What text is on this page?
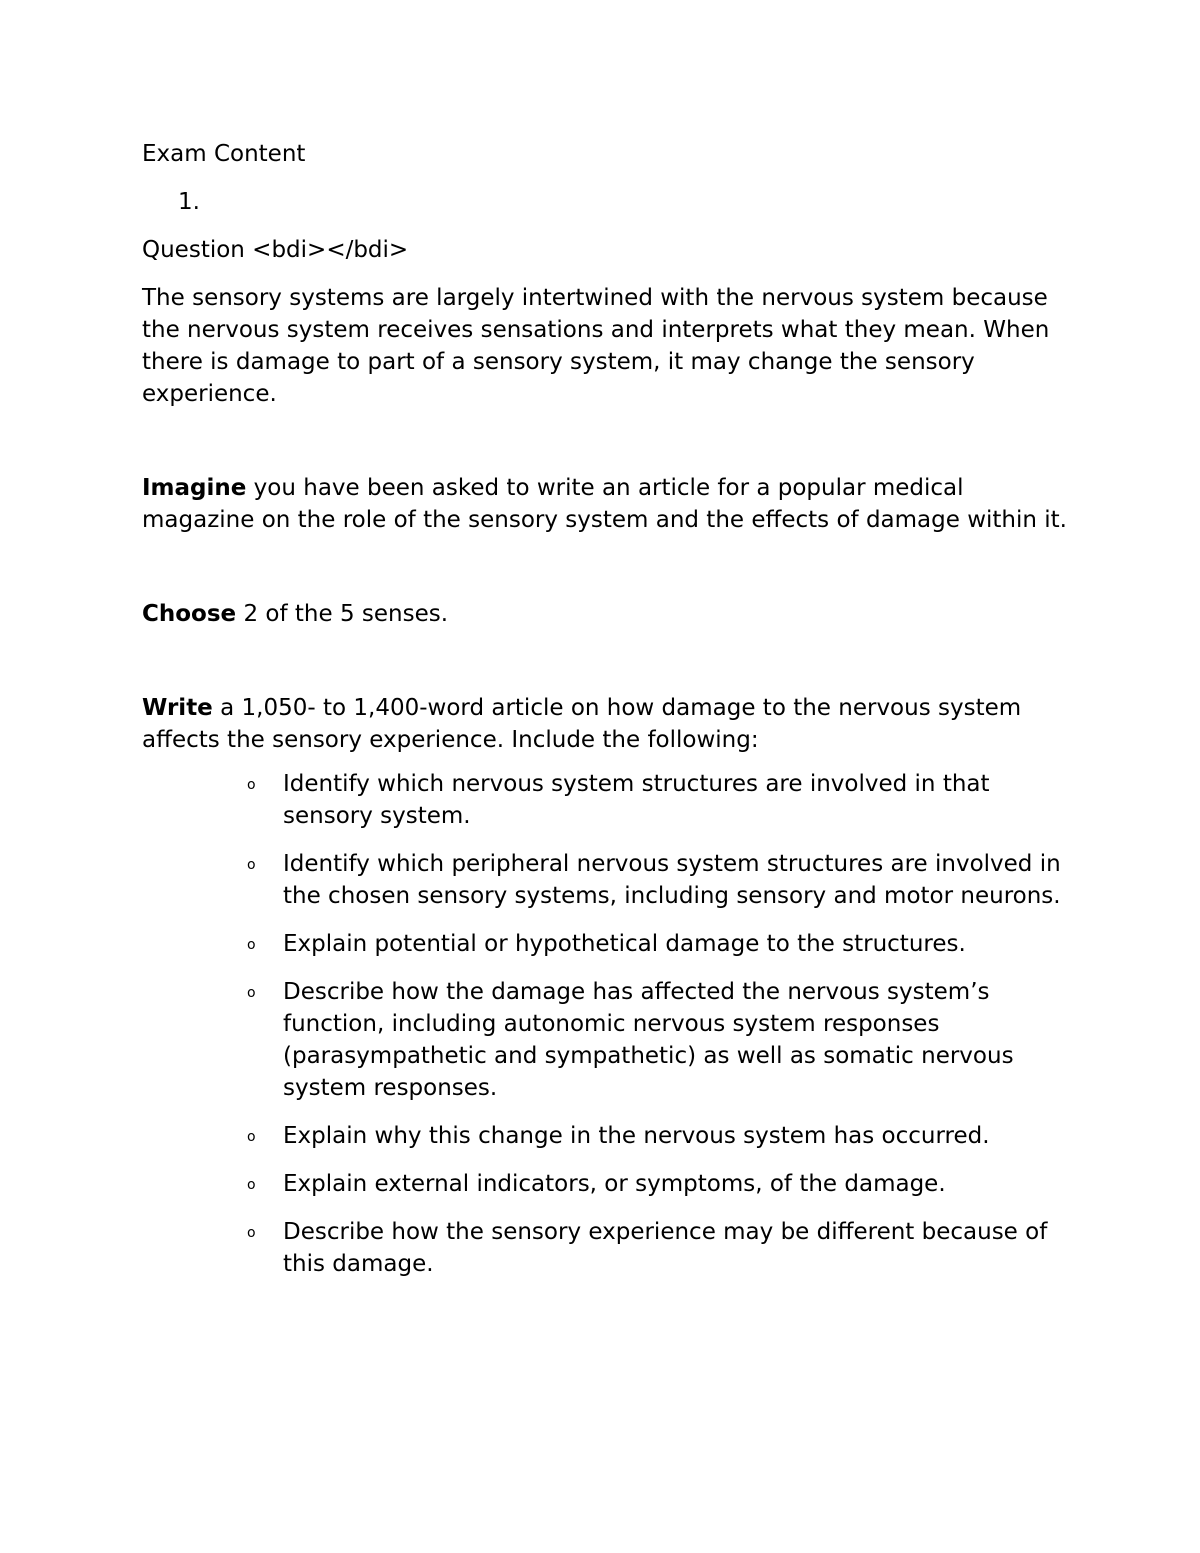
Exam Content

1.

Question <bdi></bdi>

The sensory systems are largely intertwined with the nervous system because the nervous system receives sensations and interprets what they mean. When there is damage to part of a sensory system, it may change the sensory experience.

Imagine you have been asked to write an article for a popular medical magazine on the role of the sensory system and the effects of damage within it.

Choose 2 of the 5 senses.

Write a 1,050- to 1,400-word article on how damage to the nervous system affects the sensory experience. Include the following:

o Identify which nervous system structures are involved in that sensory system.
o Identify which peripheral nervous system structures are involved in the chosen sensory systems, including sensory and motor neurons.
o Explain potential or hypothetical damage to the structures.
o Describe how the damage has affected the nervous system’s function, including autonomic nervous system responses (parasympathetic and sympathetic) as well as somatic nervous system responses.
o Explain why this change in the nervous system has occurred.
o Explain external indicators, or symptoms, of the damage.
o Describe how the sensory experience may be different because of this damage.
